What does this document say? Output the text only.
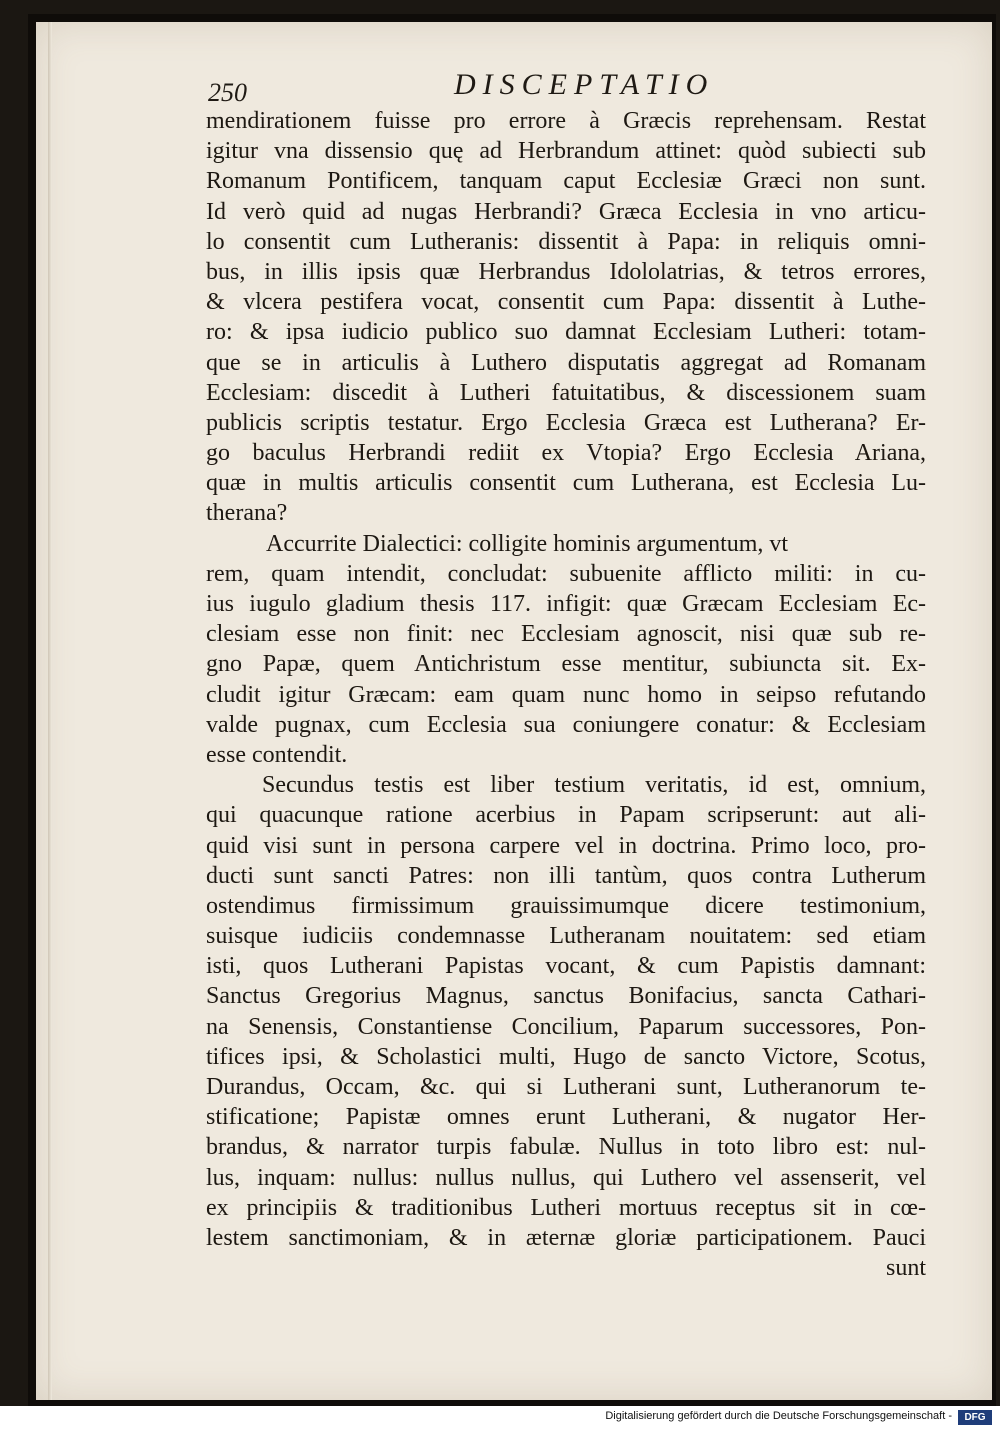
250	DISCEPTATIO
mendirationem fuisse pro errore à Græcis reprehensam. Restat
igitur vna dissensio quę ad Herbrandum attinet: quòd subiecti sub
Romanum Pontificem, tanquam caput Ecclesiæ Græci non sunt.
Id verò quid ad nugas Herbrandi? Græca Ecclesia in vno articu-
lo consentit cum Lutheranis: dissentit à Papa: in reliquis omni-
bus, in illis ipsis quæ Herbrandus Idololatrias, & tetros errores,
& vlcera pestifera vocat, consentit cum Papa: dissentit à Luthe-
ro: & ipsa iudicio publico suo damnat Ecclesiam Lutheri: totam-
que se in articulis à Luthero disputatis aggregat ad Romanam
Ecclesiam: discedit à Lutheri fatuitatibus, & discessionem suam
publicis scriptis testatur. Ergo Ecclesia Græca est Lutherana? Er-
go baculus Herbrandi rediit ex Vtopia? Ergo Ecclesia Ariana,
quæ in multis articulis consentit cum Lutherana, est Ecclesia Lu-
therana?
Accurrite Dialectici: colligite hominis argumentum, vt
rem, quam intendit, concludat: subuenite afflicto militi: in cu-
ius iugulo gladium thesis 117. infigit: quæ Græcam Ecclesiam Ec-
clesiam esse non finit: nec Ecclesiam agnoscit, nisi quæ sub re-
gno Papæ, quem Antichristum esse mentitur, subiuncta sit. Ex-
cludit igitur Græcam: eam quam nunc homo in seipso refutando
valde pugnax, cum Ecclesia sua coniungere conatur: & Ecclesiam
esse contendit.
Secundus testis est liber testium veritatis, id est, omnium,
qui quacunque ratione acerbius in Papam scripserunt: aut ali-
quid visi sunt in persona carpere vel in doctrina. Primo loco, pro-
ducti sunt sancti Patres: non illi tantùm, quos contra Lutherum
ostendimus firmissimum grauissimumque dicere testimonium,
suisque iudiciis condemnasse Lutheranam nouitatem: sed etiam
isti, quos Lutherani Papistas vocant, & cum Papistis damnant:
Sanctus Gregorius Magnus, sanctus Bonifacius, sancta Cathari-
na Senensis, Constantiense Concilium, Paparum successores, Pon-
tifices ipsi, & Scholastici multi, Hugo de sancto Victore, Scotus,
Durandus, Occam, &c. qui si Lutherani sunt, Lutheranorum te-
stificatione; Papistæ omnes erunt Lutherani, & nugator Her-
brandus, & narrator turpis fabulæ. Nullus in toto libro est: nul-
lus, inquam: nullus: nullus nullus, qui Luthero vel assenserit, vel
ex principiis & traditionibus Lutheri mortuus receptus sit in cœ-
lestem sanctimoniam, & in æternæ gloriæ participationem. Pauci
sunt
Digitalisierung gefördert durch die Deutsche Forschungsgemeinschaft -	DFG
